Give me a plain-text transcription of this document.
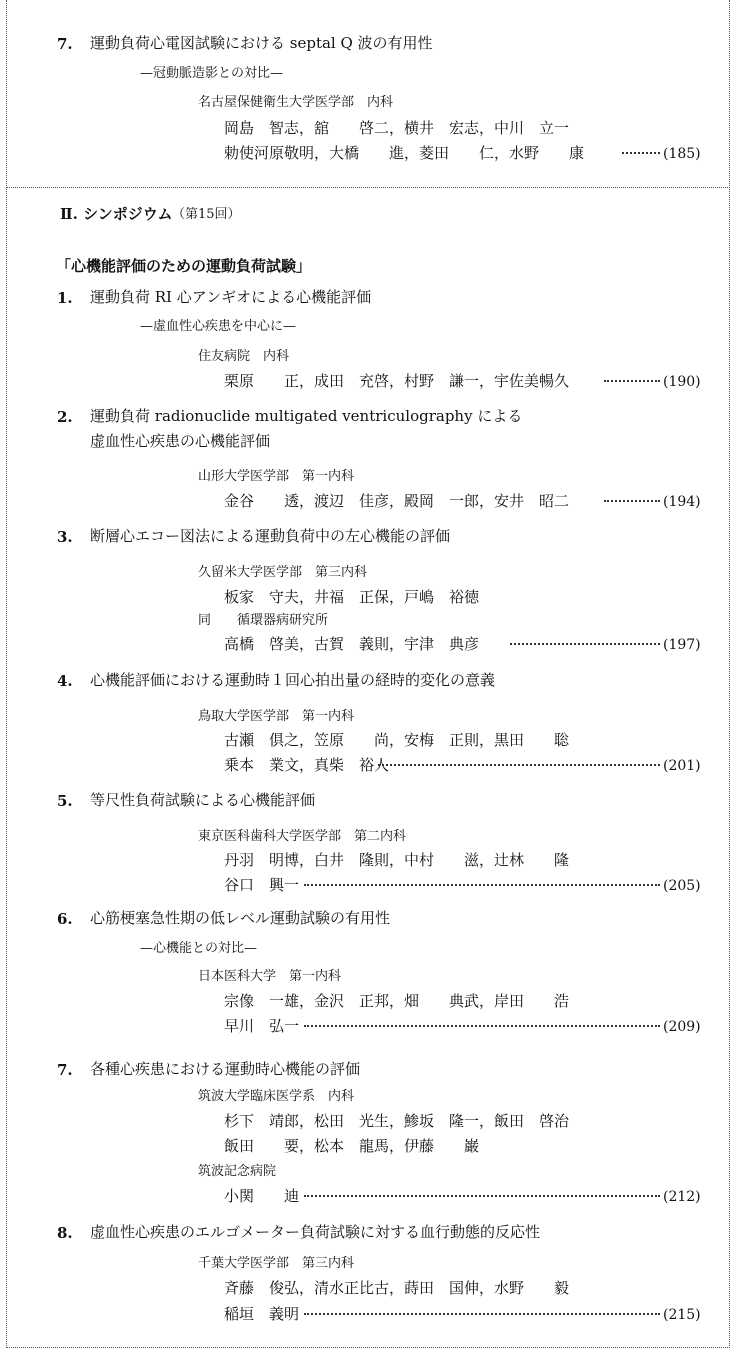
7. 運動負荷心電図試験における septal Q 波の有用性
—冠動脈造影との対比—
名古屋保健衛生大学医学部　内科
岡島　智志，舘　　啓二，横井　宏志，中川　立一
勅使河原敬明，大橋　　進，菱田　　仁，水野　　康	(185)
Ⅱ. シンポジウム （第15回）
「心機能評価のための運動負荷試験」
1. 運動負荷 RI 心アンギオによる心機能評価
—虚血性心疾患を中心に—
住友病院　内科
栗原　　正，成田　充啓，村野　謙一，宇佐美暢久	(190)
2. 運動負荷 radionuclide multigated ventriculography による
虚血性心疾患の心機能評価
山形大学医学部　第一内科
金谷　　透，渡辺　佳彦，殿岡　一郎，安井　昭二	(194)
3. 断層心エコー図法による運動負荷中の左心機能の評価
久留米大学医学部　第三内科
板家　守夫，井福　正保，戸嶋　裕徳
同　　循環器病研究所
高橋　啓美，古賀　義則，宇津　典彦	(197)
4. 心機能評価における運動時１回心拍出量の経時的変化の意義
鳥取大学医学部　第一内科
古瀬　俱之，笠原　　尚，安梅　正則，黒田　　聡
乗本　業文，真柴　裕人	(201)
5. 等尺性負荷試験による心機能評価
東京医科歯科大学医学部　第二内科
丹羽　明博，白井　隆則，中村　　滋，辻林　　隆
谷口　興一	(205)
6. 心筋梗塞急性期の低レベル運動試験の有用性
—心機能との対比—
日本医科大学　第一内科
宗像　一雄，金沢　正邦，畑　　典武，岸田　　浩
早川　弘一	(209)
7. 各種心疾患における運動時心機能の評価
筑波大学臨床医学系　内科
杉下　靖郎，松田　光生，鯵坂　隆一，飯田　啓治
飯田　　要，松本　龍馬，伊藤　　巌
筑波記念病院
小関　　迪	(212)
8. 虚血性心疾患のエルゴメーター負荷試験に対する血行動態的反応性
千葉大学医学部　第三内科
斉藤　俊弘，清水正比古，蒔田　国伸，水野　　毅
稲垣　義明	(215)
